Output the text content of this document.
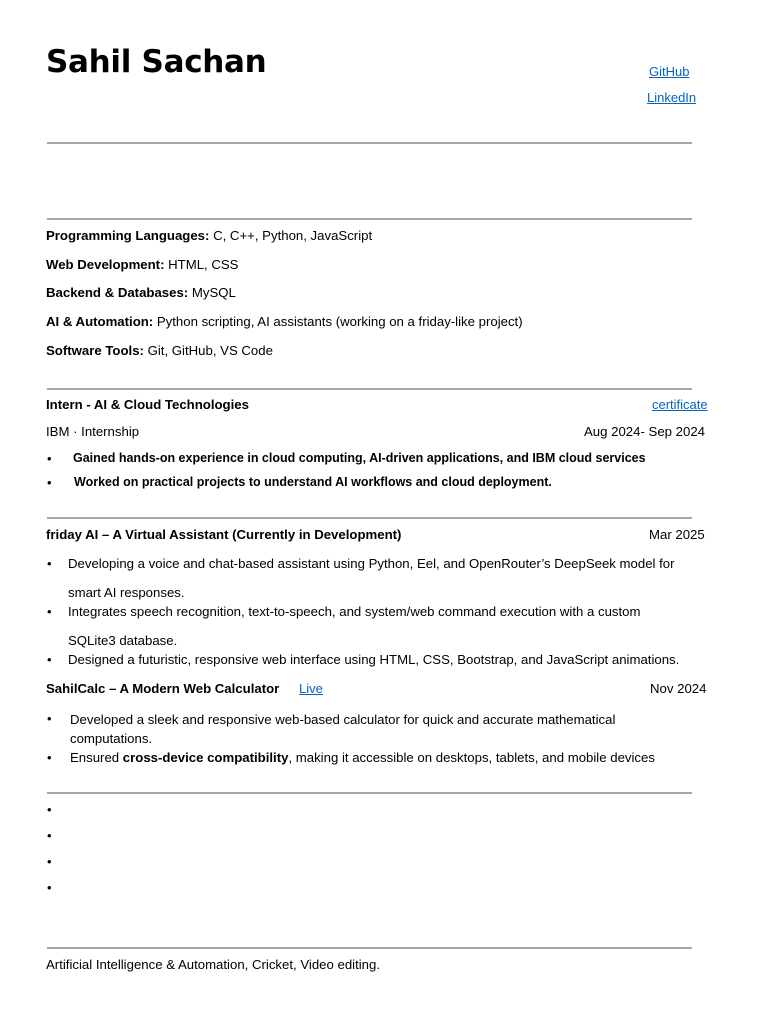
Sahil Sachan	GitHub
LinkedIn
Programming Languages: C, C++, Python, JavaScript
Web Development: HTML, CSS
Backend & Databases: MySQL
AI & Automation: Python scripting, AI assistants (working on a friday-like project)
Software Tools: Git, GitHub, VS Code
Intern - AI & Cloud Technologies	certificate
IBM · Internship	Aug 2024- Sep 2024
• Gained hands-on experience in cloud computing, AI-driven applications, and IBM cloud services
• Worked on practical projects to understand AI workflows and cloud deployment.
friday AI – A Virtual Assistant (Currently in Development)	Mar 2025
• Developing a voice and chat-based assistant using Python, Eel, and OpenRouter’s DeepSeek model for
smart AI responses.
• Integrates speech recognition, text-to-speech, and system/web command execution with a custom
SQLite3 database.
• Designed a futuristic, responsive web interface using HTML, CSS, Bootstrap, and JavaScript animations.
SahilCalc – A Modern Web Calculator Live	Nov 2024
• Developed a sleek and responsive web-based calculator for quick and accurate mathematical computations.
• Ensured cross-device compatibility, making it accessible on desktops, tablets, and mobile devices
•
•
•
•
Artificial Intelligence & Automation, Cricket, Video editing.
